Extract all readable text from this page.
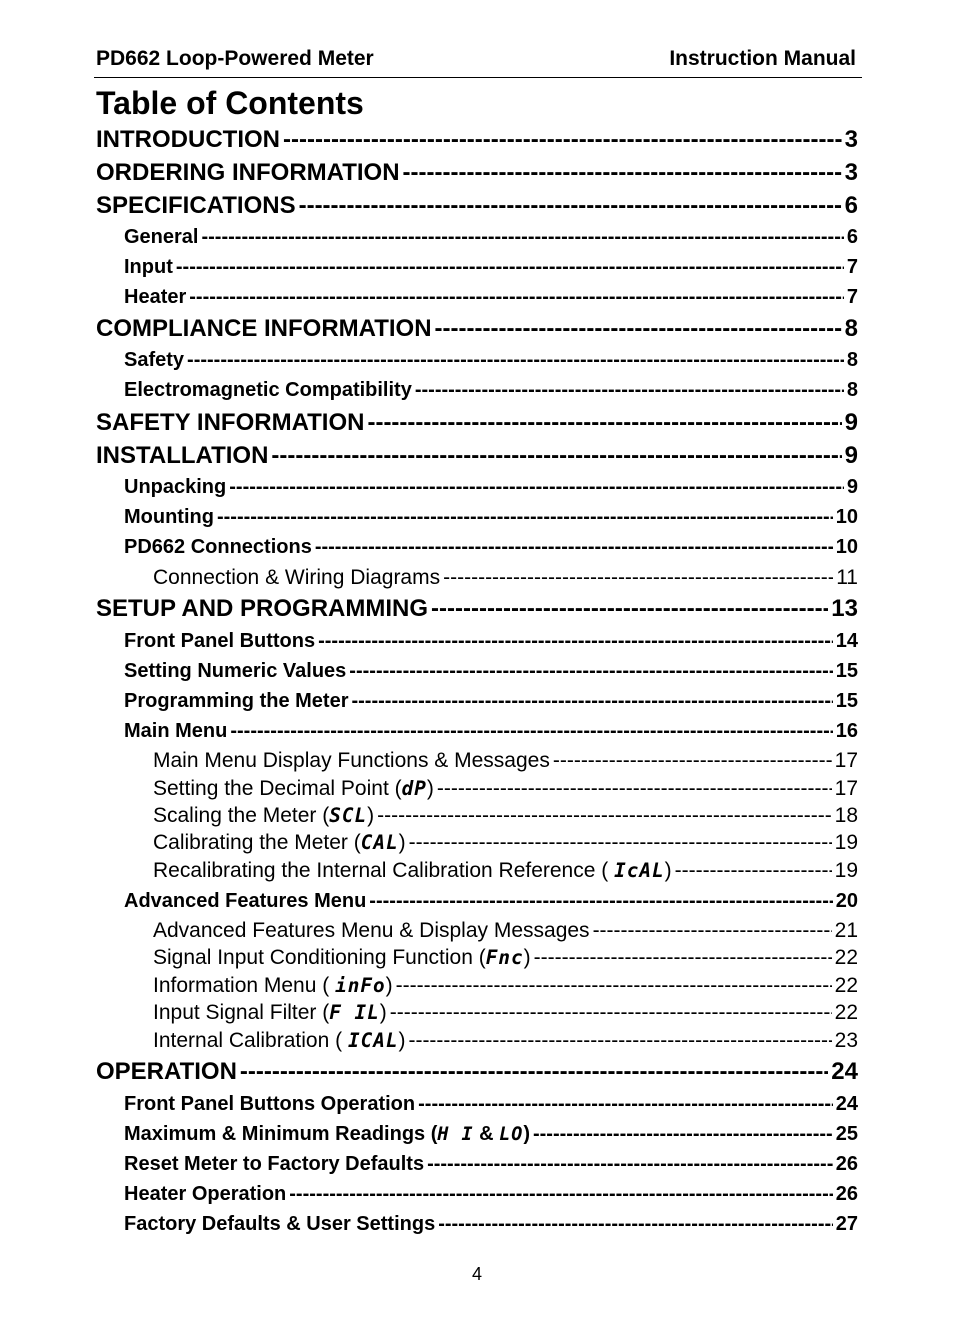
PD662 Loop-Powered Meter	Instruction Manual
Table of Contents
INTRODUCTION -----	3
ORDERING INFORMATION -----	3
SPECIFICATIONS -----	6
General -----	6
Input -----	7
Heater -----	7
COMPLIANCE INFORMATION -----	8
Safety -----	8
Electromagnetic Compatibility -----	8
SAFETY INFORMATION -----	9
INSTALLATION -----	9
Unpacking -----	9
Mounting -----	10
PD662 Connections -----	10
Connection & Wiring Diagrams -----	11
SETUP AND PROGRAMMING -----	13
Front Panel Buttons -----	14
Setting Numeric Values -----	15
Programming the Meter -----	15
Main Menu -----	16
Main Menu Display Functions & Messages -----	17
Setting the Decimal Point (dP) -----	17
Scaling the Meter (SCL) -----	18
Calibrating the Meter (CAL) -----	19
Recalibrating the Internal Calibration Reference ( IcAL) -----	19
Advanced Features Menu -----	20
Advanced Features Menu & Display Messages -----	21
Signal Input Conditioning Function (Fnc) -----	22
Information Menu ( inFo) -----	22
Input Signal Filter (F IL) -----	22
Internal Calibration ( ICAL) -----	23
OPERATION -----	24
Front Panel Buttons Operation -----	24
Maximum & Minimum Readings (H I & LO) -----	25
Reset Meter to Factory Defaults -----	26
Heater Operation -----	26
Factory Defaults & User Settings -----	27
4
